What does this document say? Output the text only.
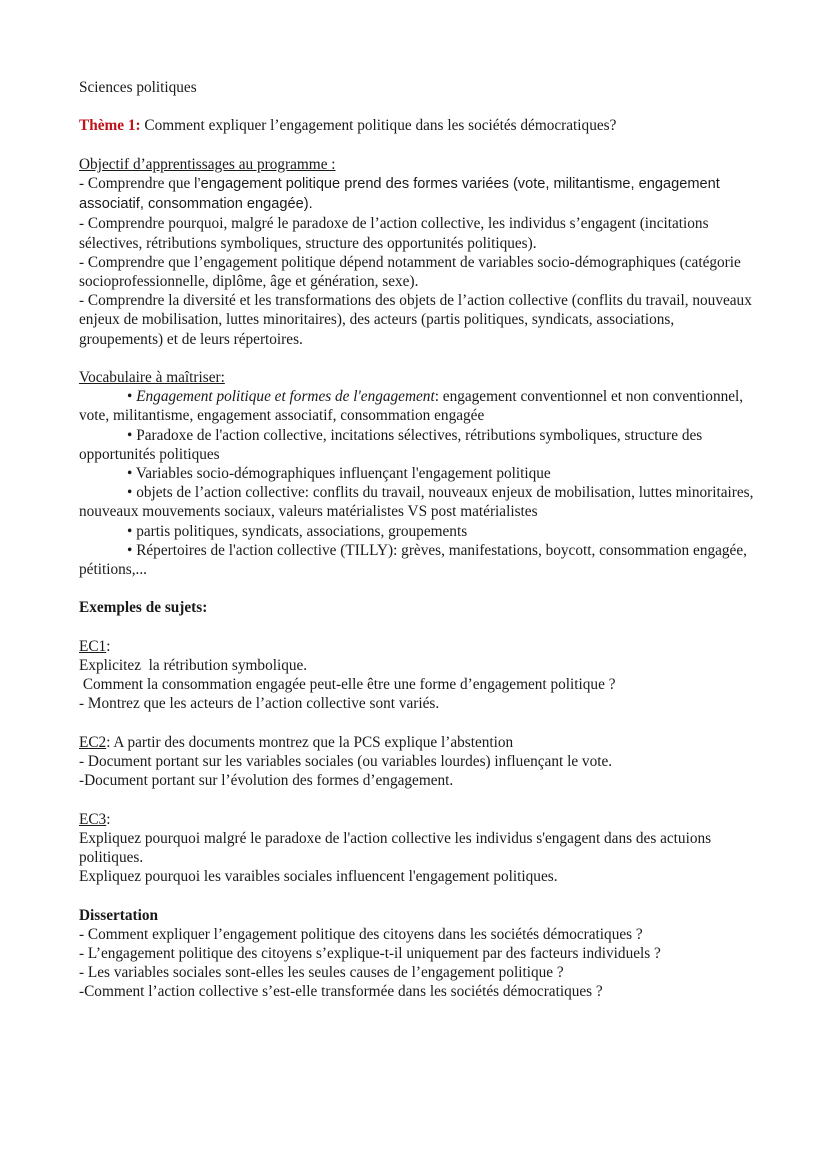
Sciences politiques

Thème 1: Comment expliquer l’engagement politique dans les sociétés démocratiques?

Objectif d’apprentissages au programme :

- Comprendre que l’engagement politique prend des formes variées (vote, militantisme, engagement associatif, consommation engagée).

- Comprendre pourquoi, malgré le paradoxe de l’action collective, les individus s’engagent (incitations sélectives, rétributions symboliques, structure des opportunités politiques).

- Comprendre que l’engagement politique dépend notamment de variables socio-démographiques (catégorie socioprofessionnelle, diplôme, âge et génération, sexe).

- Comprendre la diversité et les transformations des objets de l’action collective (conflits du travail, nouveaux enjeux de mobilisation, luttes minoritaires), des acteurs (partis politiques, syndicats, associations, groupements) et de leurs répertoires.

Vocabulaire à maîtriser:

• Engagement politique et formes de l'engagement: engagement conventionnel et non conventionnel, vote, militantisme, engagement associatif, consommation engagée

• Paradoxe de l'action collective, incitations sélectives, rétributions symboliques, structure des opportunités politiques

• Variables socio-démographiques influençant l'engagement politique

• objets de l’action collective: conflits du travail, nouveaux enjeux de mobilisation, luttes minoritaires, nouveaux mouvements sociaux, valeurs matérialistes VS post matérialistes

• partis politiques, syndicats, associations, groupements

• Répertoires de l'action collective (TILLY): grèves, manifestations, boycott, consommation engagée, pétitions,...

Exemples de sujets:

EC1:

Explicitez  la rétribution symbolique.

Comment la consommation engagée peut-elle être une forme d’engagement politique ?

- Montrez que les acteurs de l’action collective sont variés.

EC2: A partir des documents montrez que la PCS explique l’abstention

- Document portant sur les variables sociales (ou variables lourdes) influençant le vote.

-Document portant sur l’évolution des formes d’engagement.

EC3:

Expliquez pourquoi malgré le paradoxe de l'action collective les individus s'engagent dans des actuions politiques.

Expliquez pourquoi les varaibles sociales influencent l'engagement politiques.

Dissertation

- Comment expliquer l’engagement politique des citoyens dans les sociétés démocratiques ?

- L’engagement politique des citoyens s’explique-t-il uniquement par des facteurs individuels ?

- Les variables sociales sont-elles les seules causes de l’engagement politique ?

-Comment l’action collective s’est-elle transformée dans les sociétés démocratiques ?
